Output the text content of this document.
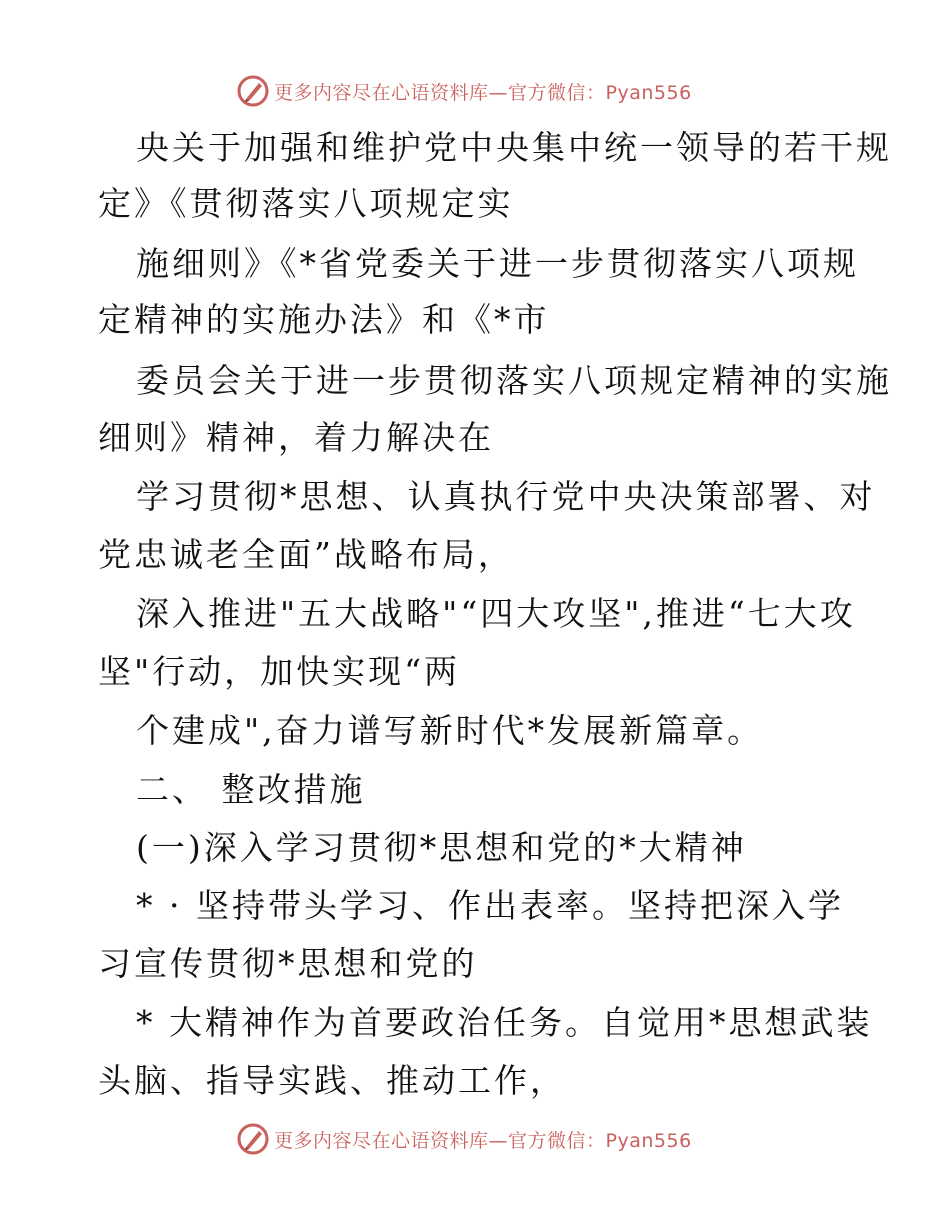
更多内容尽在心语资料库—官方微信：Pyan556
央关于加强和维护党中央集中统一领导的若干规
定》《贯彻落实八项规定实
施细则》《*省党委关于进一步贯彻落实八项规
定精神的实施办法》和《*市
委员会关于进一步贯彻落实八项规定精神的实施
细则》精神，着力解决在
学习贯彻*思想、认真执行党中央决策部署、对
党忠诚老全面”战略布局，
深入推进"五大战略"“四大攻坚",推进“七大攻
坚"行动，加快实现“两
个建成",奋力谱写新时代*发展新篇章。
二、 整改措施
(一)深入学习贯彻*思想和党的*大精神
* · 坚持带头学习、作出表率。坚持把深入学
习宣传贯彻*思想和党的
* 大精神作为首要政治任务。自觉用*思想武装
头脑、指导实践、推动工作，
更多内容尽在心语资料库—官方微信：Pyan556
